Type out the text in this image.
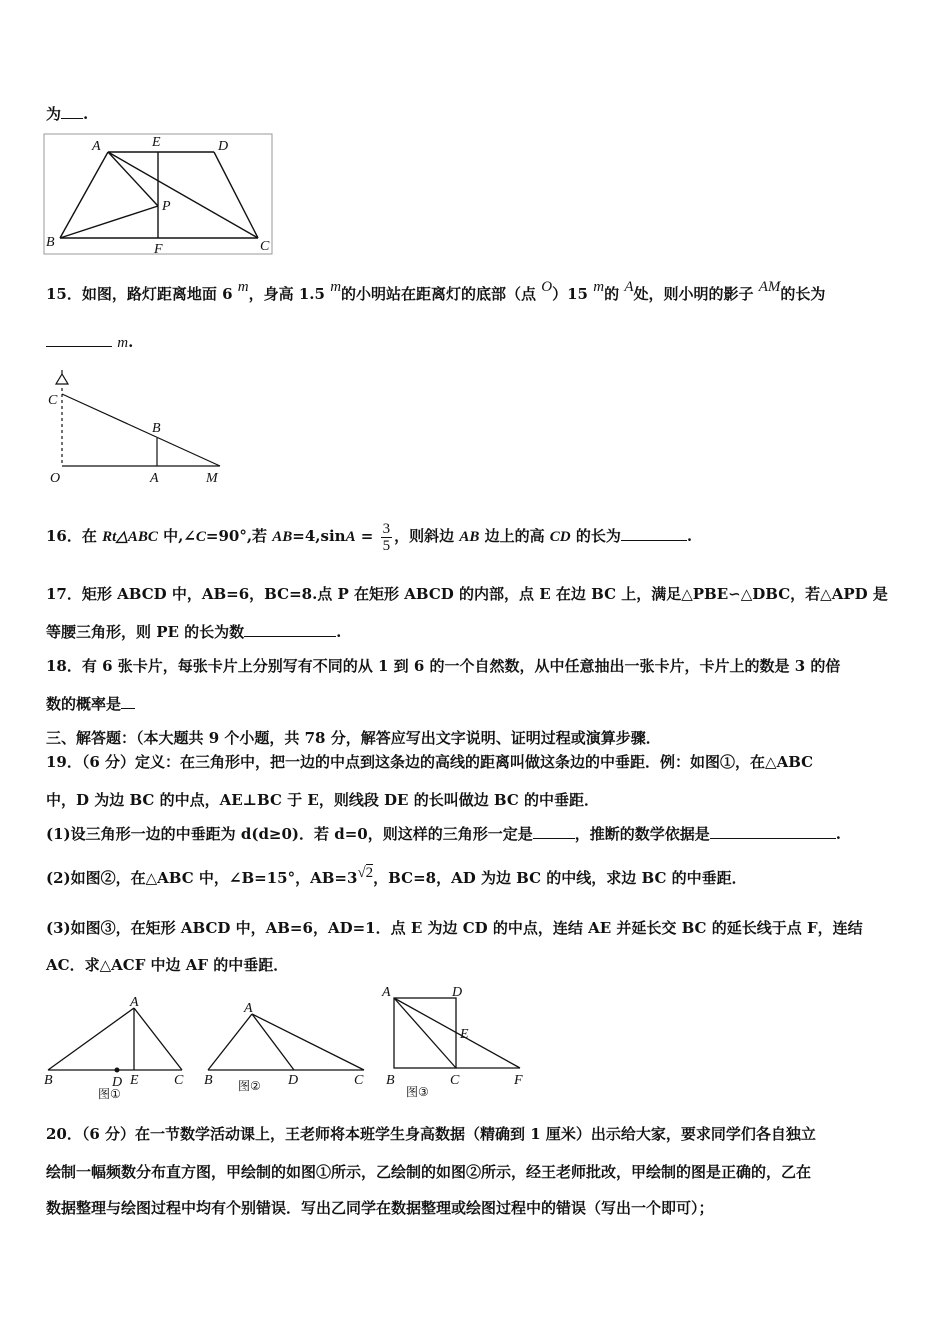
为 .
A	E	D
P
B	F	C
15．如图，路灯距离地面 6 m，身高 1.5 m的小明站在距离灯的底部（点 O）15 m的 A处，则小明的影子 AM的长为
m.
C
B
O	A	M
16．在 Rt△ABC 中,∠C=90°,若 $AB=4,\sin A = \frac{3}{5}$ ，则斜边 AB 边上的高 CD 的长为	.
17．矩形 ABCD 中，AB=6，BC=8.点 P 在矩形 ABCD 的内部，点 E 在边 BC 上，满足△PBE∽△DBC，若△APD 是
等腰三角形，则 PE 的长为数	.
18．有 6 张卡片，每张卡片上分别写有不同的从 1 到 6 的一个自然数，从中任意抽出一张卡片，卡片上的数是 3 的倍
数的概率是
三、解答题：（本大题共 9 个小题，共 78 分，解答应写出文字说明、证明过程或演算步骤．
19．（6 分）定义：在三角形中，把一边的中点到这条边的高线的距离叫做这条边的中垂距．例：如图①，在△ABC
中，D 为边 BC 的中点，AE⊥BC 于 E，则线段 DE 的长叫做边 BC 的中垂距．
(1)设三角形一边的中垂距为 d(d≥0)．若 d=0，则这样的三角形一定是	，推断的数学依据是	.
(2)如图②，在△ABC 中，∠B=15°，AB=3√2，BC=8，AD 为边 BC 的中线，求边 BC 的中垂距．
(3)如图③，在矩形 ABCD 中，AB=6，AD=1．点 E 为边 CD 的中点，连结 AE 并延长交 BC 的延长线于点 F，连结
AC．求△ACF 中边 AF 的中垂距．
A
B	D E	C
图①
A
B	D	C
图②
A	D
E
B	C	F
图③
20．（6 分）在一节数学活动课上，王老师将本班学生身高数据（精确到 1 厘米）出示给大家，要求同学们各自独立
绘制一幅频数分布直方图，甲绘制的如图①所示，乙绘制的如图②所示，经王老师批改，甲绘制的图是正确的，乙在
数据整理与绘图过程中均有个别错误．写出乙同学在数据整理或绘图过程中的错误（写出一个即可）；
